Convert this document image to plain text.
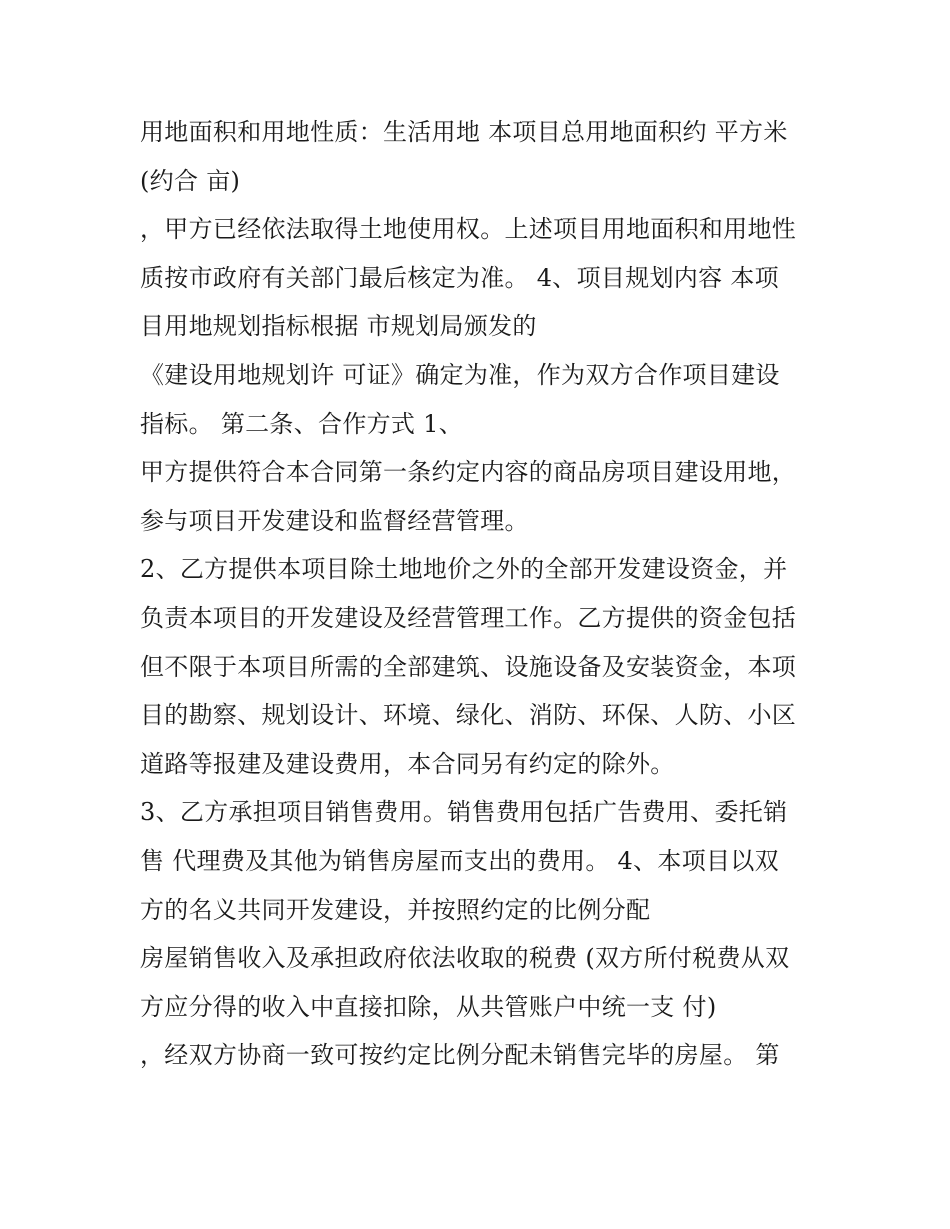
用地面积和用地性质：生活用地 本项目总用地面积约 平方米
(约合 亩)
，甲方已经依法取得土地使用权。上述项目用地面积和用地性
质按市政府有关部门最后核定为准。 4、项目规划内容 本项
目用地规划指标根据 市规划局颁发的
《建设用地规划许 可证》确定为准，作为双方合作项目建设
指标。 第二条、合作方式 1、
甲方提供符合本合同第一条约定内容的商品房项目建设用地，
参与项目开发建设和监督经营管理。
2、乙方提供本项目除土地地价之外的全部开发建设资金，并
负责本项目的开发建设及经营管理工作。乙方提供的资金包括
但不限于本项目所需的全部建筑、设施设备及安装资金，本项
目的勘察、规划设计、环境、绿化、消防、环保、人防、小区
道路等报建及建设费用，本合同另有约定的除外。
3、乙方承担项目销售费用。销售费用包括广告费用、委托销
售 代理费及其他为销售房屋而支出的费用。 4、本项目以双
方的名义共同开发建设，并按照约定的比例分配
房屋销售收入及承担政府依法收取的税费 (双方所付税费从双
方应分得的收入中直接扣除，从共管账户中统一支 付)
，经双方协商一致可按约定比例分配未销售完毕的房屋。 第
